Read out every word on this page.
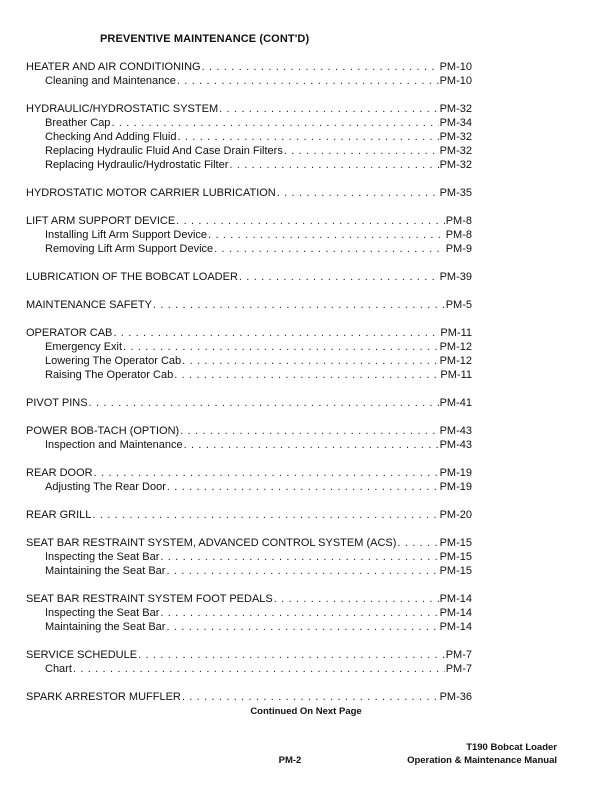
PREVENTIVE MAINTENANCE (CONT'D)
HEATER AND AIR CONDITIONING . . .	PM-10
Cleaning and Maintenance . . .	PM-10
HYDRAULIC/HYDROSTATIC SYSTEM . . .	PM-32
Breather Cap . . .	PM-34
Checking And Adding Fluid . . .	PM-32
Replacing Hydraulic Fluid And Case Drain Filters . . .	PM-32
Replacing Hydraulic/Hydrostatic Filter . . .	PM-32
HYDROSTATIC MOTOR CARRIER LUBRICATION . . .	PM-35
LIFT ARM SUPPORT DEVICE . . .	PM-8
Installing Lift Arm Support Device . . .	PM-8
Removing Lift Arm Support Device . . .	PM-9
LUBRICATION OF THE BOBCAT LOADER . . .	PM-39
MAINTENANCE SAFETY . . .	PM-5
OPERATOR CAB . . .	PM-11
Emergency Exit . . .	PM-12
Lowering The Operator Cab . . .	PM-12
Raising The Operator Cab . . .	PM-11
PIVOT PINS . . .	PM-41
POWER BOB-TACH (OPTION) . . .	PM-43
Inspection and Maintenance . . .	PM-43
REAR DOOR . . .	PM-19
Adjusting The Rear Door . . .	PM-19
REAR GRILL . . .	PM-20
SEAT BAR RESTRAINT SYSTEM, ADVANCED CONTROL SYSTEM (ACS) . . .	PM-15
Inspecting the Seat Bar . . .	PM-15
Maintaining the Seat Bar . . .	PM-15
SEAT BAR RESTRAINT SYSTEM FOOT PEDALS . . .	PM-14
Inspecting the Seat Bar . . .	PM-14
Maintaining the Seat Bar . . .	PM-14
SERVICE SCHEDULE . . .	PM-7
Chart . . .	PM-7
SPARK ARRESTOR MUFFLER . . .	PM-36
Continued On Next Page
T190 Bobcat Loader
PM-2	Operation & Maintenance Manual
